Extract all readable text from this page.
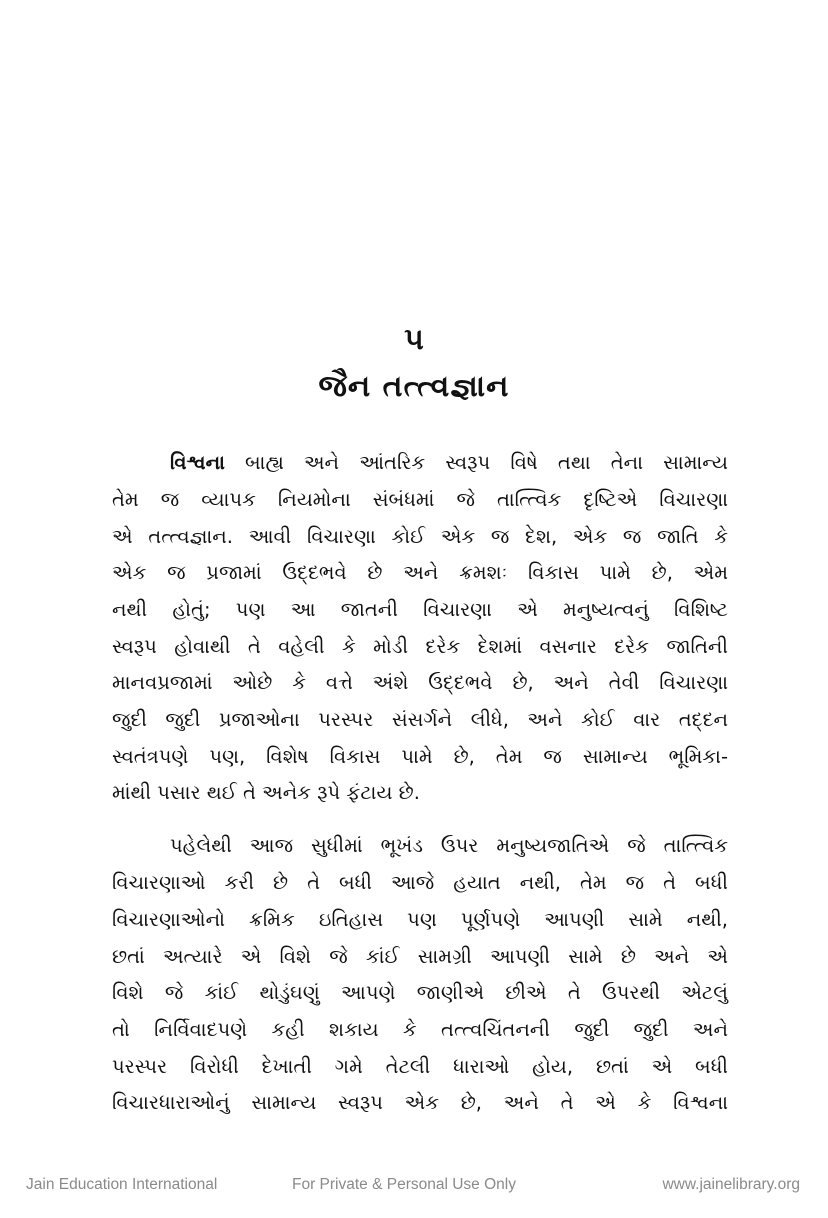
૫
જૈન તત્ત્વજ્ઞાન
વિશ્વના બાહ્ય અને આંતરિક સ્વરૂપ વિષે તથા તેના સામાન્ય
તેમ જ વ્યાપક નિયમોના સંબંધમાં જે તાત્ત્વિક દૃષ્ટિએ વિચારણા
એ તત્ત્વજ્ઞાન. આવી વિચારણા કોઈ એક જ દેશ, એક જ જાતિ કે
એક જ પ્રજામાં ઉદ્દભવે છે અને ક્રમશઃ વિકાસ પામે છે, એમ
નથી હોતું; પણ આ જાતની વિચારણા એ મનુષ્યત્વનું વિશિષ્ટ
સ્વરૂપ હોવાથી તે વહેલી કે મોડી દરેક દેશમાં વસનાર દરેક જાતિની
માનવપ્રજામાં ઓછે કે વત્તે અંશે ઉદ્દભવે છે, અને તેવી વિચારણા
જુદી જુદી પ્રજાઓના પરસ્પર સંસર્ગને લીધે, અને કોઈ વાર તદ્દન
સ્વતંત્રપણે પણ, વિશેષ વિકાસ પામે છે, તેમ જ સામાન્ય ભૂમિકા-
માંથી પસાર થઈ તે અનેક રૂપે ફંટાય છે.
પહેલેથી આજ સુધીમાં ભૂખંડ ઉપર મનુષ્યજાતિએ જે તાત્ત્વિક
વિચારણાઓ કરી છે તે બધી આજે હયાત નથી, તેમ જ તે બધી
વિચારણાઓનો ક્રમિક ઇતિહાસ પણ પૂર્ણપણે આપણી સામે નથી,
છતાં અત્યારે એ વિશે જે કાંઈ સામગ્રી આપણી સામે છે અને એ
વિશે જે કાંઈ થોડુંઘણું આપણે જાણીએ છીએ તે ઉપરથી એટલું
તો નિર્વિવાદપણે કહી શકાય કે તત્ત્વચિંતનની જુદી જુદી અને
પરસ્પર વિરોધી દેખાતી ગમે તેટલી ધારાઓ હોય, છતાં એ બધી
વિચારધારાઓનું સામાન્ય સ્વરૂપ એક છે, અને તે એ કે વિશ્વના
Jain Education International	For Private & Personal Use Only	www.jainelibrary.org
